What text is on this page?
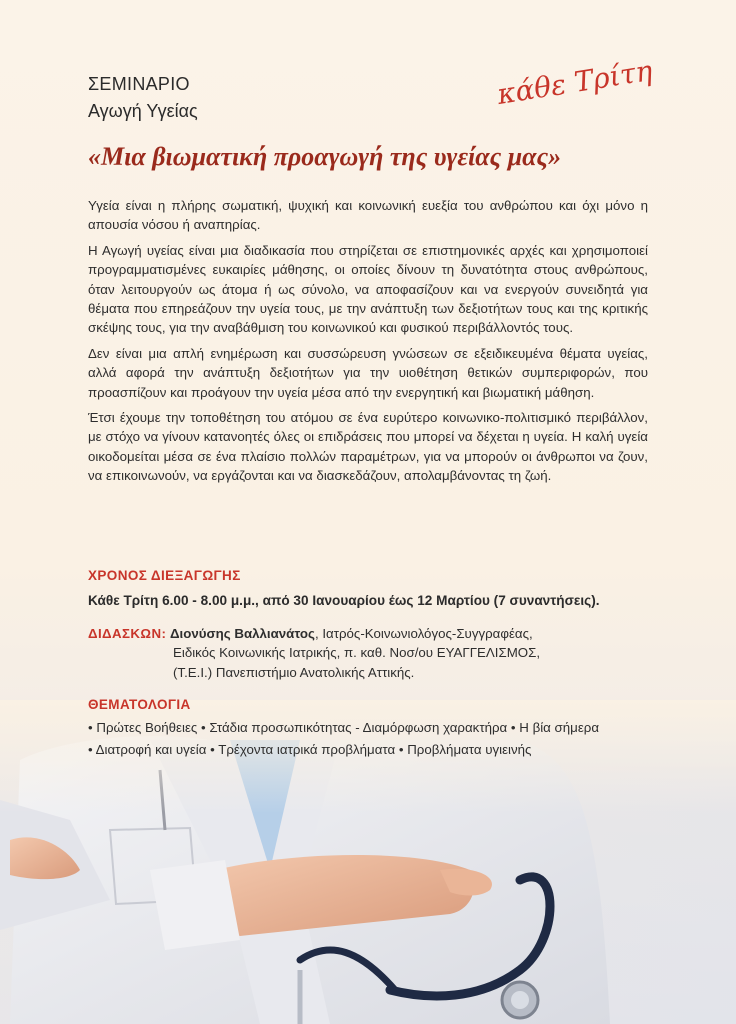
ΣΕΜΙΝΑΡΙΟ
Αγωγή Υγείας	κάθε Τρίτη
«Μια βιωματική προαγωγή της υγείας μας»

Υγεία είναι η πλήρης σωματική, ψυχική και κοινωνική ευεξία του ανθρώπου και όχι μόνο η απουσία νόσου ή αναπηρίας.

Η Αγωγή υγείας είναι μια διαδικασία που στηρίζεται σε επιστημονικές αρχές και χρησιμοποιεί προγραμματισμένες ευκαιρίες μάθησης, οι οποίες δίνουν τη δυνατότητα στους ανθρώπους, όταν λειτουργούν ως άτομα ή ως σύνολο, να αποφασίζουν και να ενεργούν συνειδητά για θέματα που επηρεάζουν την υγεία τους, με την ανάπτυξη των δεξιοτήτων τους και της κριτικής σκέψης τους, για την αναβάθμιση του κοινωνικού και φυσικού περιβάλλοντός τους.

Δεν είναι μια απλή ενημέρωση και συσσώρευση γνώσεων σε εξειδικευμένα θέματα υγείας, αλλά αφορά την ανάπτυξη δεξιοτήτων για την υιοθέτηση θετικών συμπεριφορών, που προασπίζουν και προάγουν την υγεία μέσα από την ενεργητική και βιωματική μάθηση.

Έτσι έχουμε την τοποθέτηση του ατόμου σε ένα ευρύτερο κοινωνικο-πολιτισμικό περιβάλλον, με στόχο να γίνουν κατανοητές όλες οι επιδράσεις που μπορεί να δέχεται η υγεία. Η καλή υγεία οικοδομείται μέσα σε ένα πλαίσιο πολλών παραμέτρων, για να μπορούν οι άνθρωποι να ζουν, να επικοινωνούν, να εργάζονται και να διασκεδάζουν, απολαμβάνοντας τη ζωή.

ΧΡΟΝΟΣ ΔΙΕΞΑΓΩΓΗΣ
Κάθε Τρίτη 6.00 - 8.00 μ.μ., από 30 Ιανουαρίου έως 12 Μαρτίου (7 συναντήσεις).
ΔΙΔΑΣΚΩΝ: Διονύσης Βαλλιανάτος, Ιατρός-Κοινωνιολόγος-Συγγραφέας,
Ειδικός Κοινωνικής Ιατρικής, π. καθ. Νοσ/ου ΕΥΑΓΓΕΛΙΣΜΟΣ,
(Τ.Ε.Ι.) Πανεπιστήμιο Ανατολικής Αττικής.
ΘΕΜΑΤΟΛΟΓΙΑ
• Πρώτες Βοήθειες • Στάδια προσωπικότητας - Διαμόρφωση χαρακτήρα • Η βία σήμερα
• Διατροφή και υγεία • Τρέχοντα ιατρικά προβλήματα • Προβλήματα υγιεινής
